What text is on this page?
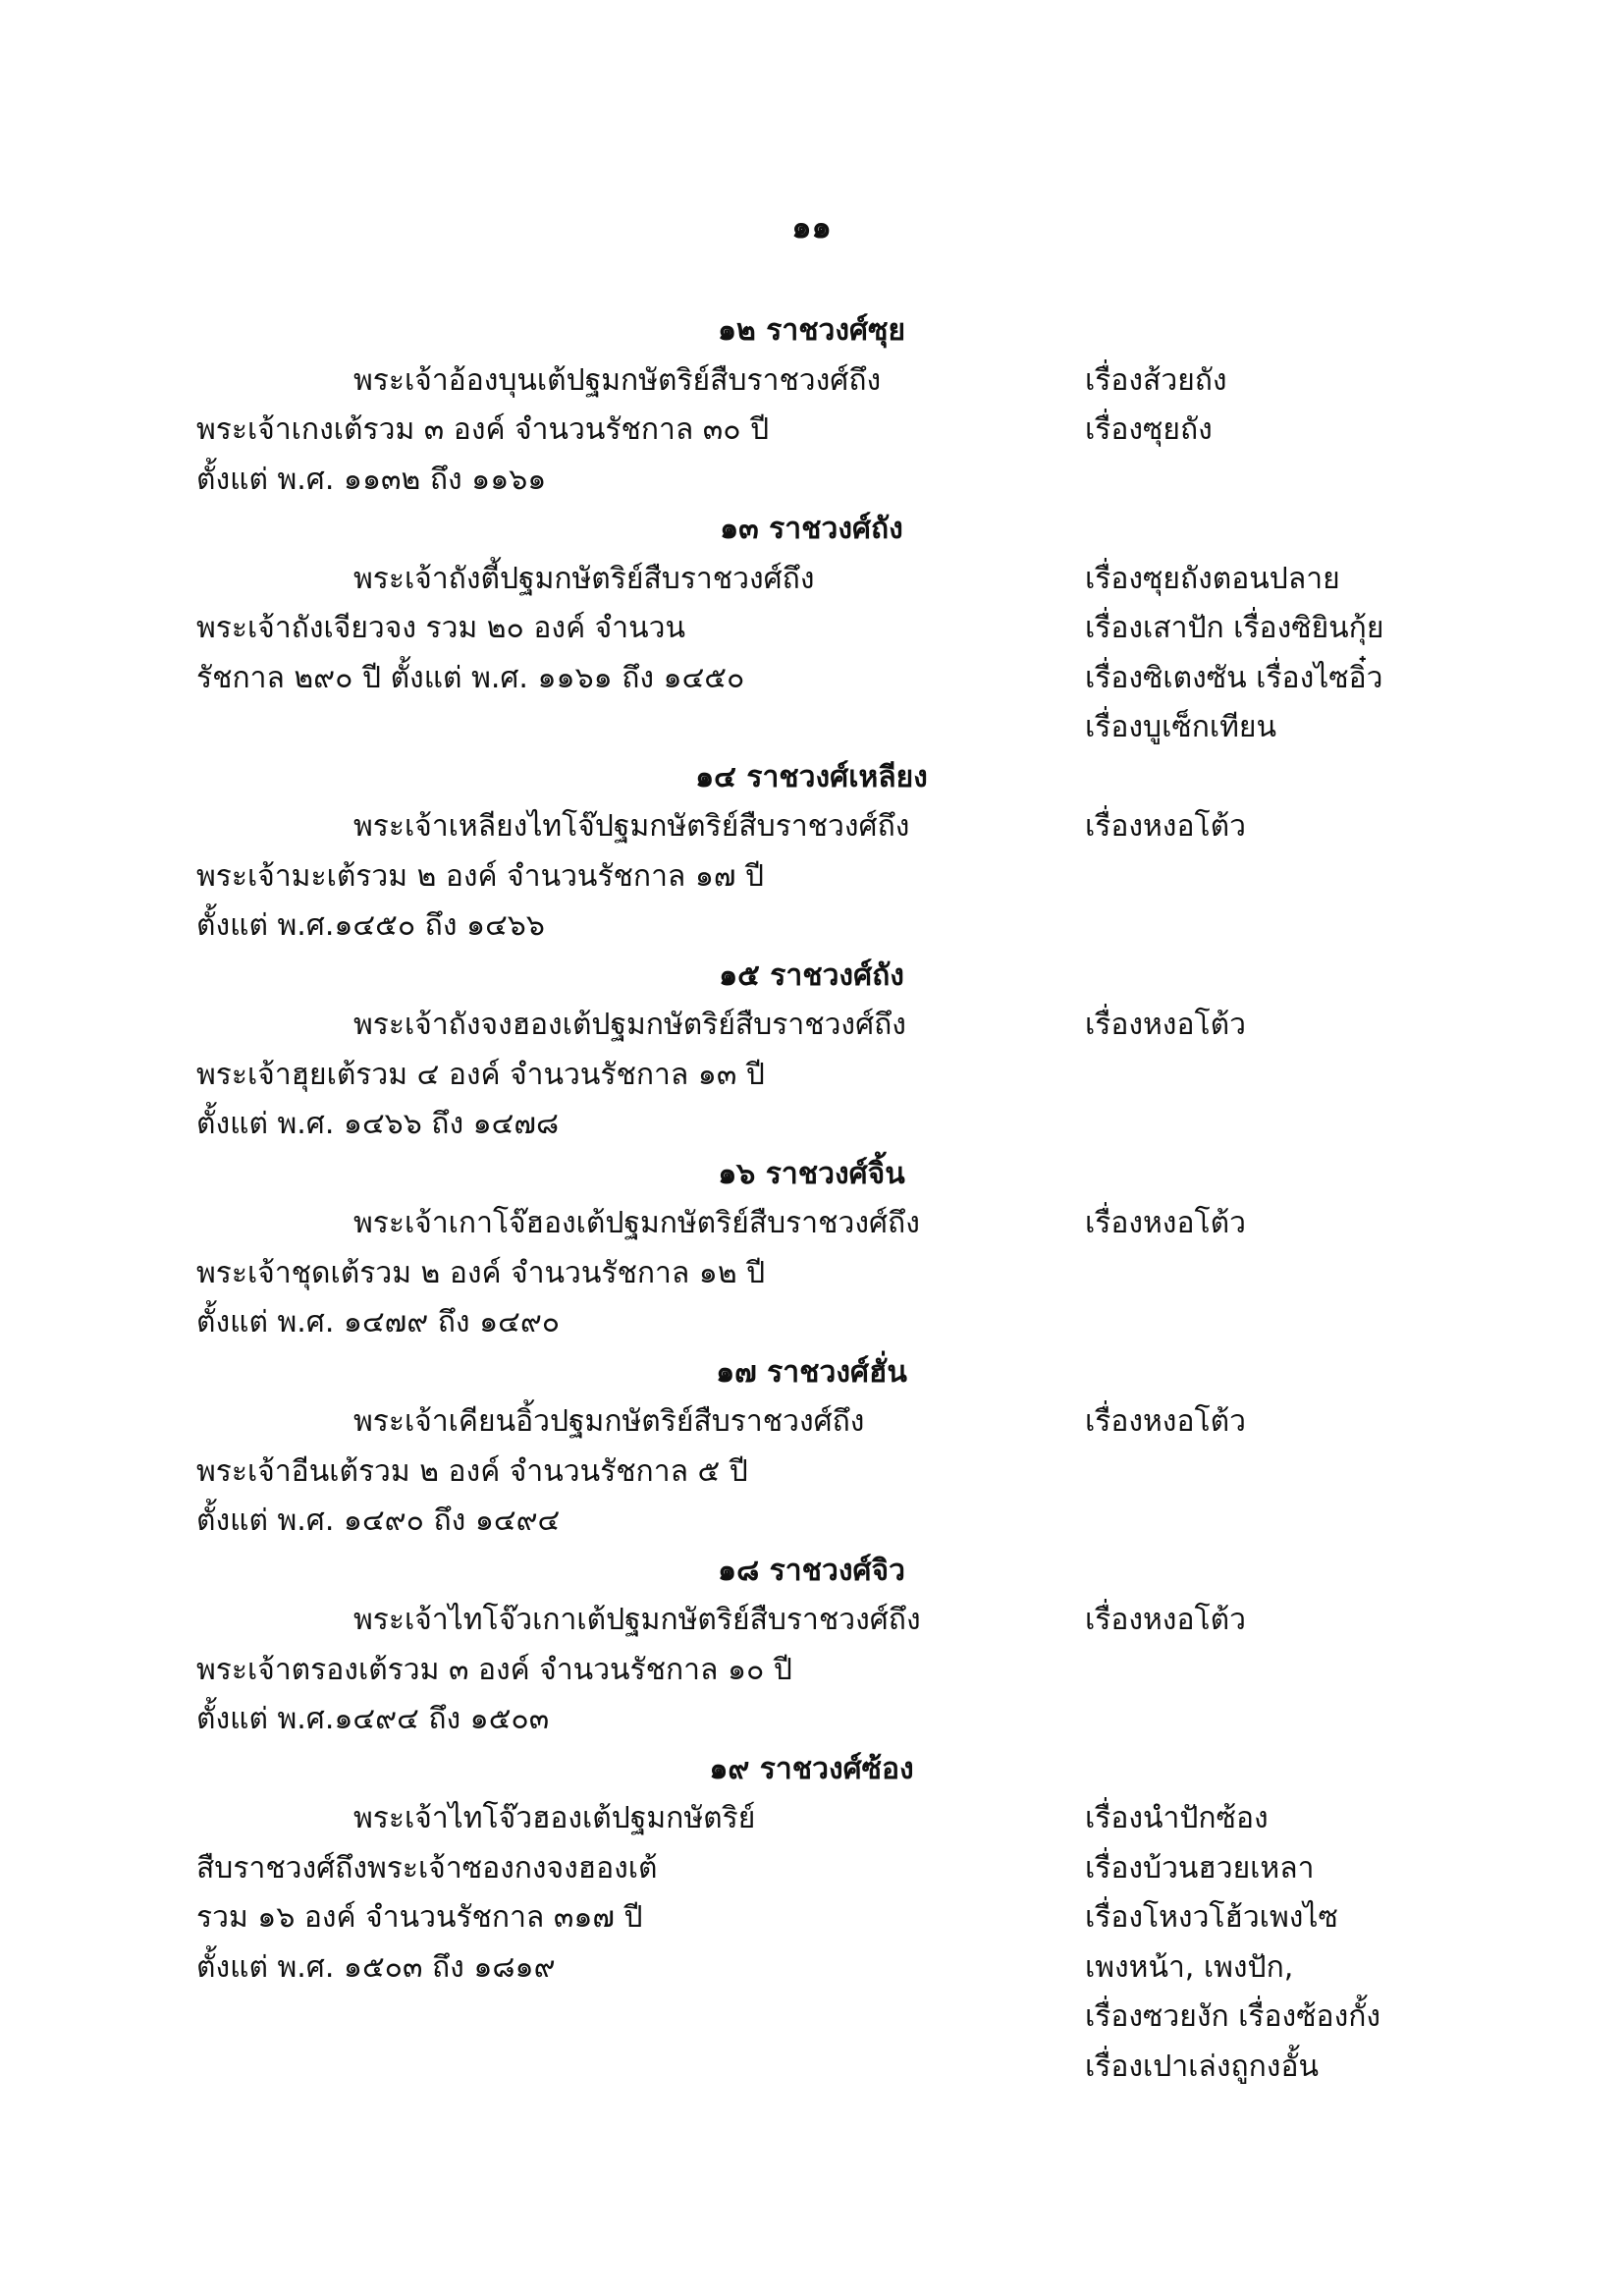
๑๑
๑๒ ราชวงศ์ซุย
พระเจ้าอ้องบุนเต้ปฐมกษัตริย์สืบราชวงศ์ถึง
พระเจ้าเกงเต้รวม ๓ องค์ จำนวนรัชกาล ๓๐ ปี
ตั้งแต่ พ.ศ. ๑๑๓๒ ถึง ๑๑๖๑
เรื่องส้วยถัง
เรื่องซุยถัง
๑๓ ราชวงศ์ถัง
พระเจ้าถังตี้ปฐมกษัตริย์สืบราชวงศ์ถึง
พระเจ้าถังเจียวจง รวม ๒๐ องค์ จำนวน
รัชกาล ๒๙๐ ปี ตั้งแต่ พ.ศ. ๑๑๖๑ ถึง ๑๔๕๐
เรื่องซุยถังตอนปลาย
เรื่องเสาปัก เรื่องซิยินกุ้ย
เรื่องซิเตงซัน เรื่องไซอิ๋ว
เรื่องบูเซ็กเทียน
๑๔ ราชวงศ์เหลียง
พระเจ้าเหลียงไทโจ๊ปฐมกษัตริย์สืบราชวงศ์ถึง
พระเจ้ามะเต้รวม ๒ องค์ จำนวนรัชกาล ๑๗ ปี
ตั้งแต่ พ.ศ.๑๔๕๐ ถึง ๑๔๖๖
เรื่องหงอโต้ว
๑๕ ราชวงศ์ถัง
พระเจ้าถังจงฮองเต้ปฐมกษัตริย์สืบราชวงศ์ถึง
พระเจ้าฮุยเต้รวม ๔ องค์ จำนวนรัชกาล ๑๓ ปี
ตั้งแต่ พ.ศ. ๑๔๖๖ ถึง ๑๔๗๘
เรื่องหงอโต้ว
๑๖ ราชวงศ์จิ้น
พระเจ้าเกาโจ๊ฮองเต้ปฐมกษัตริย์สืบราชวงศ์ถึง
พระเจ้าชุดเต้รวม ๒ องค์ จำนวนรัชกาล ๑๒ ปี
ตั้งแต่ พ.ศ. ๑๔๗๙ ถึง ๑๔๙๐
เรื่องหงอโต้ว
๑๗ ราชวงศ์ฮั่น
พระเจ้าเคียนอิ้วปฐมกษัตริย์สืบราชวงศ์ถึง
พระเจ้าอีนเต้รวม ๒ องค์ จำนวนรัชกาล ๕ ปี
ตั้งแต่ พ.ศ. ๑๔๙๐ ถึง ๑๔๙๔
เรื่องหงอโต้ว
๑๘ ราชวงศ์จิว
พระเจ้าไทโจ๊วเกาเต้ปฐมกษัตริย์สืบราชวงศ์ถึง
พระเจ้าตรองเต้รวม ๓ องค์ จำนวนรัชกาล ๑๐ ปี
ตั้งแต่ พ.ศ.๑๔๙๔ ถึง ๑๕๐๓
เรื่องหงอโต้ว
๑๙ ราชวงศ์ซ้อง
พระเจ้าไทโจ๊วฮองเต้ปฐมกษัตริย์
สืบราชวงศ์ถึงพระเจ้าซองกงจงฮองเต้
รวม ๑๖ องค์ จำนวนรัชกาล ๓๑๗ ปี
ตั้งแต่ พ.ศ. ๑๕๐๓ ถึง ๑๘๑๙
เรื่องนำปักซ้อง
เรื่องบ้วนฮวยเหลา
เรื่องโหงวโฮ้วเพงไซ
เพงหน้า, เพงปัก,
เรื่องซวยงัก เรื่องซ้องกั้ง
เรื่องเปาเล่งถูกงอั้น
